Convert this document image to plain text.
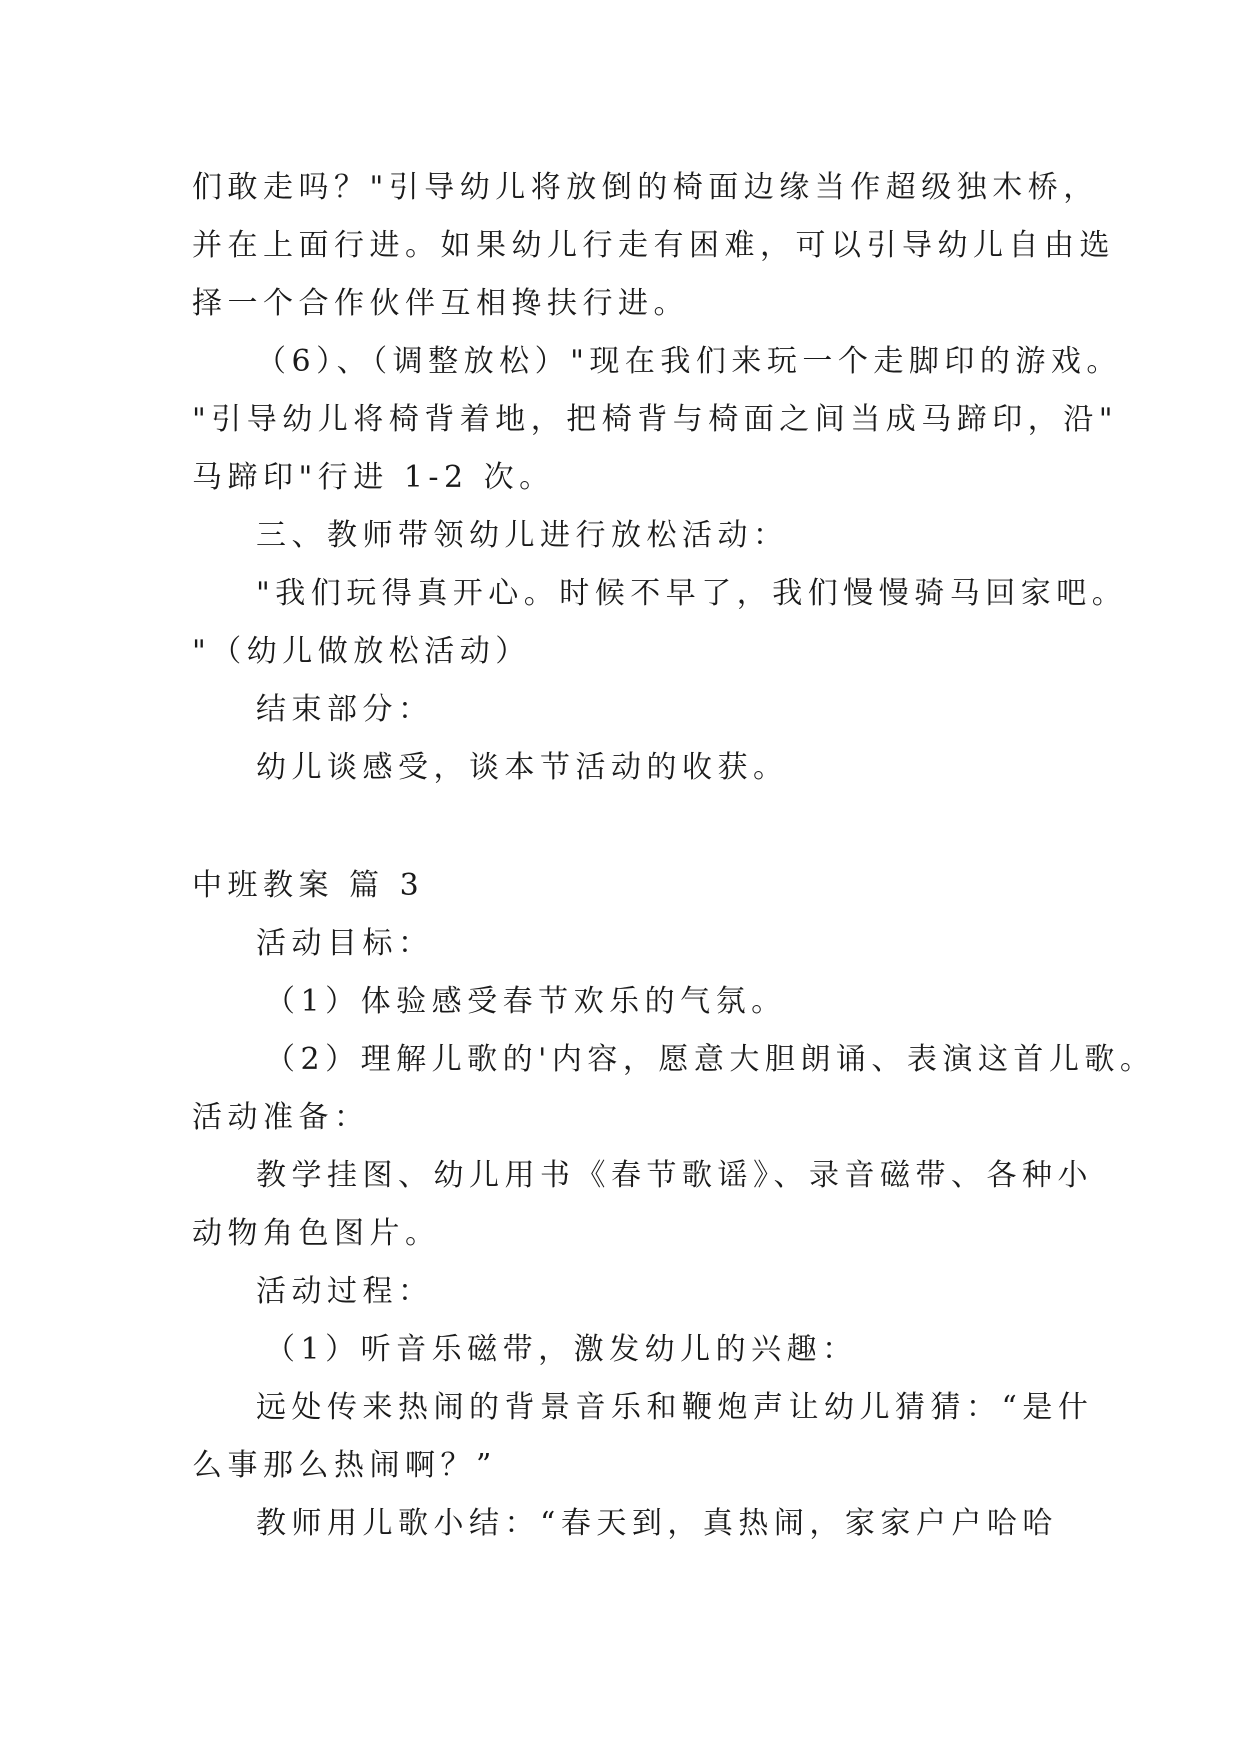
们敢走吗？"引导幼儿将放倒的椅面边缘当作超级独木桥，
并在上面行进。如果幼儿行走有困难，可以引导幼儿自由选
择一个合作伙伴互相搀扶行进。
（6）、（调整放松）"现在我们来玩一个走脚印的游戏。
"引导幼儿将椅背着地，把椅背与椅面之间当成马蹄印，沿"
马蹄印"行进 1-2 次。
三、教师带领幼儿进行放松活动：
"我们玩得真开心。时候不早了，我们慢慢骑马回家吧。
"（幼儿做放松活动）
结束部分：
幼儿谈感受，谈本节活动的收获。
中班教案 篇 3
活动目标：
（1）体验感受春节欢乐的气氛。
（2）理解儿歌的'内容，愿意大胆朗诵、表演这首儿歌。
活动准备：
教学挂图、幼儿用书《春节歌谣》、录音磁带、各种小
动物角色图片。
活动过程：
（1）听音乐磁带，激发幼儿的兴趣：
远处传来热闹的背景音乐和鞭炮声让幼儿猜猜：“是什
么事那么热闹啊？”
教师用儿歌小结：“春天到，真热闹，家家户户哈哈
